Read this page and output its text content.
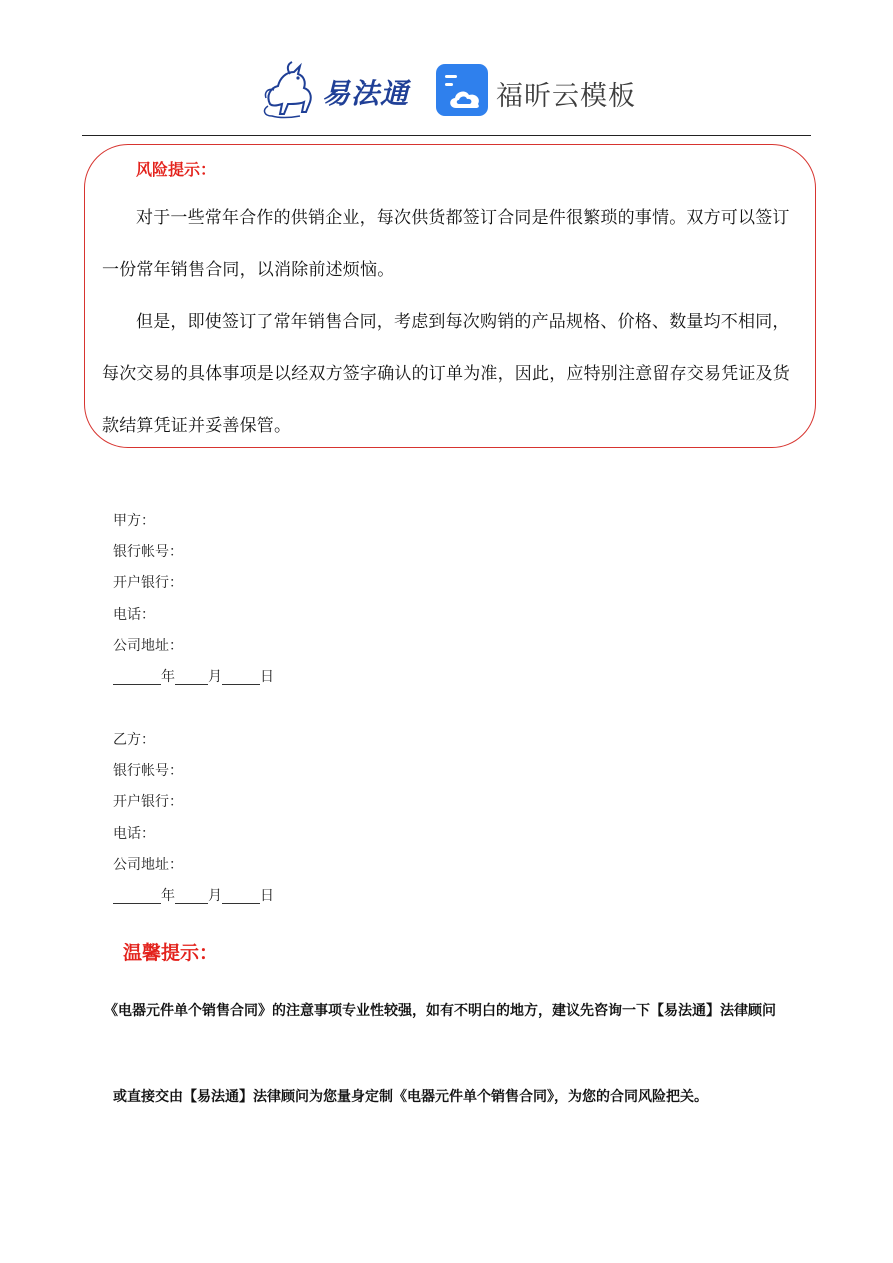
易法通	福昕云模板
风险提示：

对于一些常年合作的供销企业，每次供货都签订合同是件很繁琐的事情。双方可以签订一份常年销售合同，以消除前述烦恼。

但是，即使签订了常年销售合同，考虑到每次购销的产品规格、价格、数量均不相同，每次交易的具体事项是以经双方签字确认的订单为准，因此，应特别注意留存交易凭证及货款结算凭证并妥善保管。

甲方：
银行帐号：
开户银行：
电话：
公司地址：
年 月	日
乙方：
银行帐号：
开户银行：
电话：
公司地址：
年 月	日
温馨提示：

《电器元件单个销售合同》的注意事项专业性较强，如有不明白的地方，建议先咨询一下【易法通】法律顾问

或直接交由【易法通】法律顾问为您量身定制《电器元件单个销售合同》，为您的合同风险把关。
